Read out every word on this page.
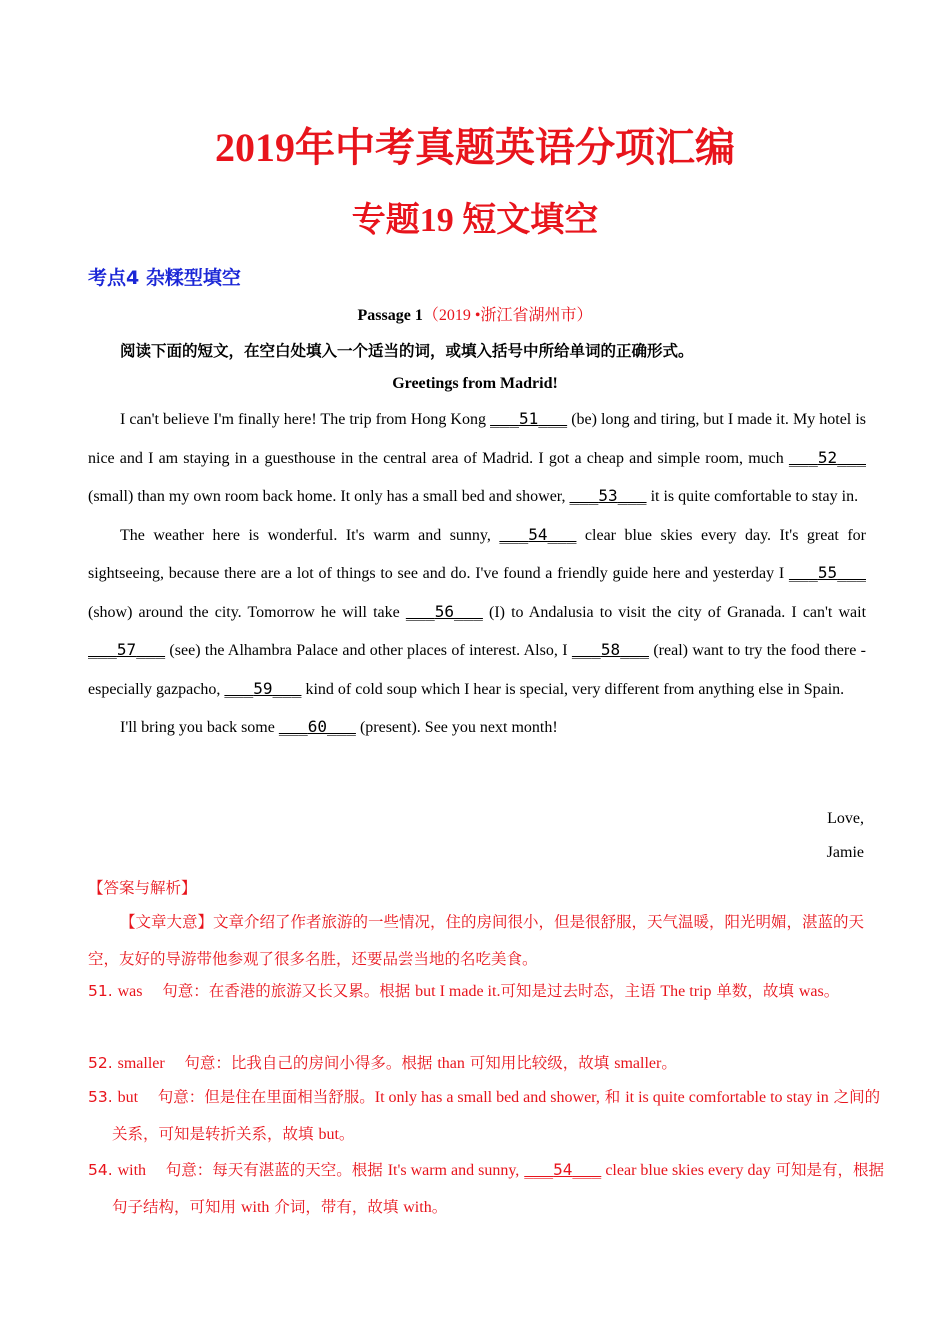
2019年中考真题英语分项汇编
专题19 短文填空
考点4 杂糅型填空
Passage 1（2019 •浙江省湖州市）
阅读下面的短文，在空白处填入一个适当的词，或填入括号中所给单词的正确形式。
Greetings from Madrid!

I can't believe I'm finally here! The trip from Hong Kong ___51___ (be) long and tiring, but I made it. My hotel is nice and I am staying in a guesthouse in the central area of Madrid. I got a cheap and simple room, much ___52___ (small) than my own room back home. It only has a small bed and shower, ___53___ it is quite comfortable to stay in.

The weather here is wonderful. It's warm and sunny, ___54___ clear blue skies every day. It's great for sightseeing, because there are a lot of things to see and do. I've found a friendly guide here and yesterday I ___55___ (show) around the city. Tomorrow he will take ___56___ (I) to Andalusia to visit the city of Granada. I can't wait ___57___ (see) the Alhambra Palace and other places of interest. Also, I ___58___ (real) want to try the food there - especially gazpacho, ___59___ kind of cold soup which I hear is special, very different from anything else in Spain.

I'll bring you back some ___60___ (present). See you next month!

Love,
Jamie
【答案与解析】
【文章大意】文章介绍了作者旅游的一些情况，住的房间很小，但是很舒服，天气温暖，阳光明媚，湛蓝的天空，友好的导游带他参观了很多名胜，还要品尝当地的名吃美食。
51. was    句意：在香港的旅游又长又累。根据 but I made it.可知是过去时态，主语 The trip 单数，故填 was。
52. smaller    句意：比我自己的房间小得多。根据 than 可知用比较级，故填 smaller。
53. but    句意：但是住在里面相当舒服。It only has a small bed and shower, 和 it is quite comfortable to stay in 之间的关系，可知是转折关系，故填 but。
54. with    句意：每天有湛蓝的天空。根据 It's warm and sunny, ___54___ clear blue skies every day 可知是有，根据句子结构，可知用 with 介词，带有，故填 with。
